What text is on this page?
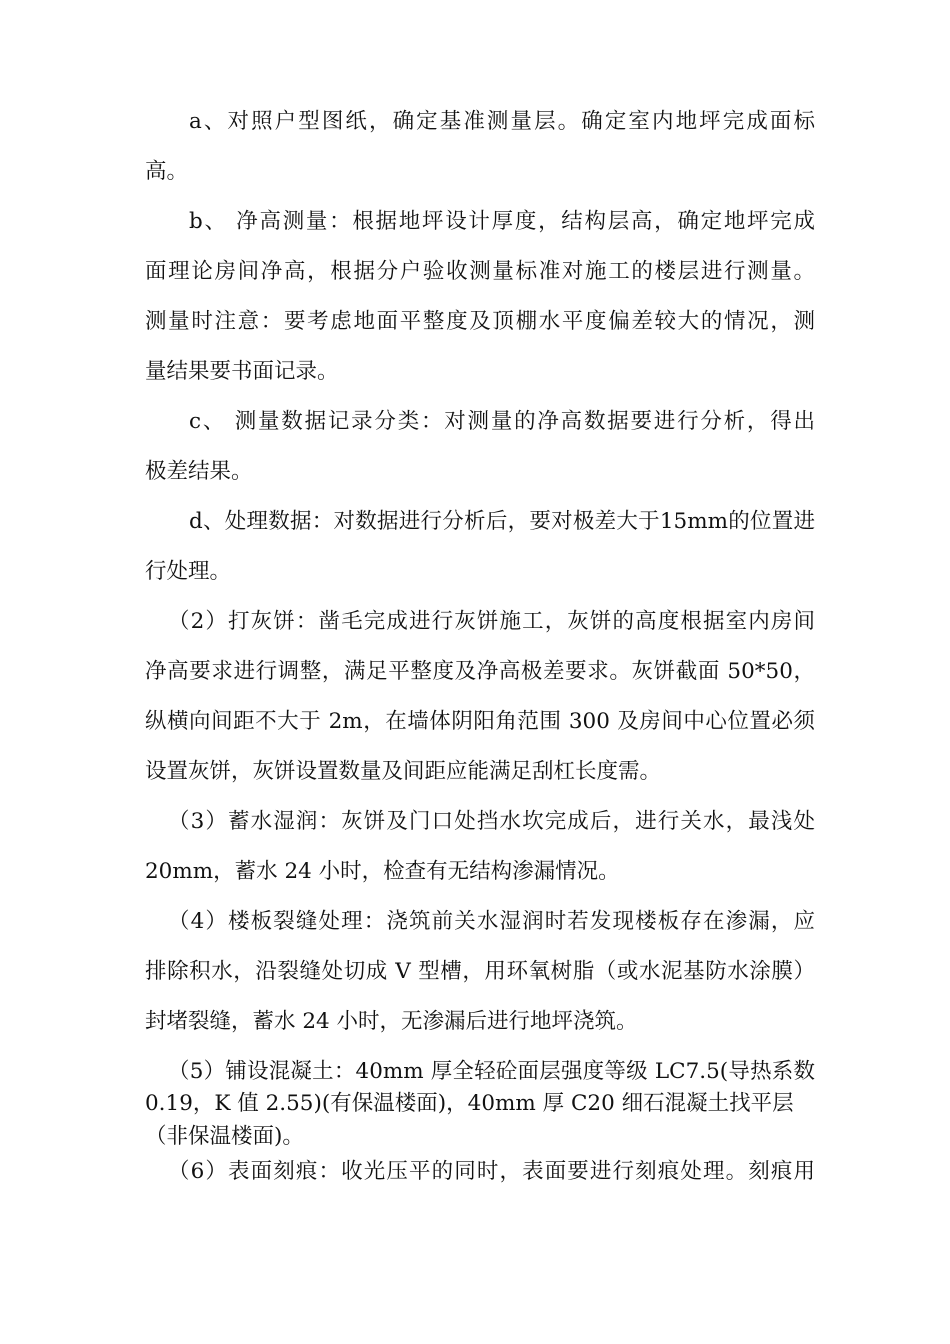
a、对照户型图纸，确定基准测量层。确定室内地坪完成面标
高。
b、 净高测量：根据地坪设计厚度，结构层高，确定地坪完成
面理论房间净高，根据分户验收测量标准对施工的楼层进行测量。
测量时注意：要考虑地面平整度及顶棚水平度偏差较大的情况，测
量结果要书面记录。
c、 测量数据记录分类：对测量的净高数据要进行分析，得出
极差结果。
d、处理数据：对数据进行分析后，要对极差大于15mm的位置进
行处理。
（2）打灰饼：凿毛完成进行灰饼施工，灰饼的高度根据室内房间
净高要求进行调整，满足平整度及净高极差要求。灰饼截面 50*50，
纵横向间距不大于 2m，在墙体阴阳角范围 300 及房间中心位置必须
设置灰饼，灰饼设置数量及间距应能满足刮杠长度需。
（3）蓄水湿润：灰饼及门口处挡水坎完成后，进行关水，最浅处
20mm，蓄水 24 小时，检查有无结构渗漏情况。
（4）楼板裂缝处理：浇筑前关水湿润时若发现楼板存在渗漏，应
排除积水，沿裂缝处切成 V 型槽，用环氧树脂（或水泥基防水涂膜）
封堵裂缝，蓄水 24 小时，无渗漏后进行地坪浇筑。
（5）铺设混凝土：40mm 厚全轻砼面层强度等级 LC7.5(导热系数
0.19，K 值 2.55)(有保温楼面)，40mm 厚 C20 细石混凝土找平层
（非保温楼面)。
（6）表面刻痕：收光压平的同时，表面要进行刻痕处理。刻痕用
